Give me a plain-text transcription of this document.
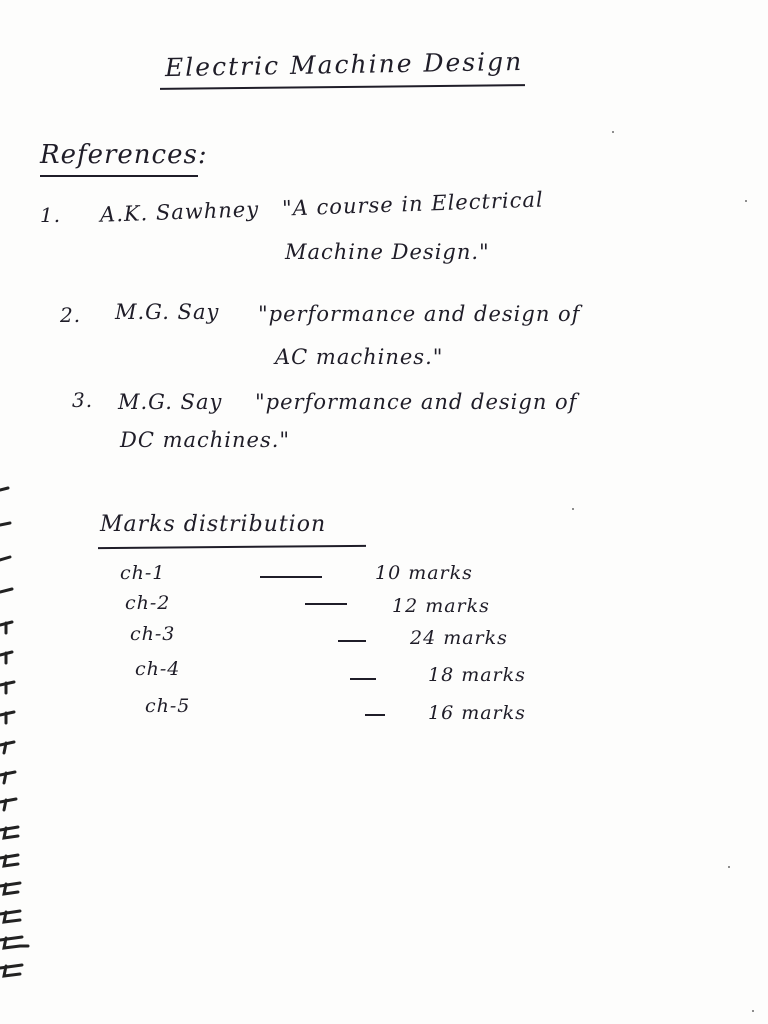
Electric Machine Design
References:
1. A.K. Sawhney "A course in Electrical
Machine Design."
2. M.G. Say "performance and design of
AC machines."
3. M.G. Say "performance and design of
DC machines."
Marks distribution
ch-1	10 marks
ch-2	12 marks
ch-3	24 marks
ch-4	18 marks
ch-5	16 marks
